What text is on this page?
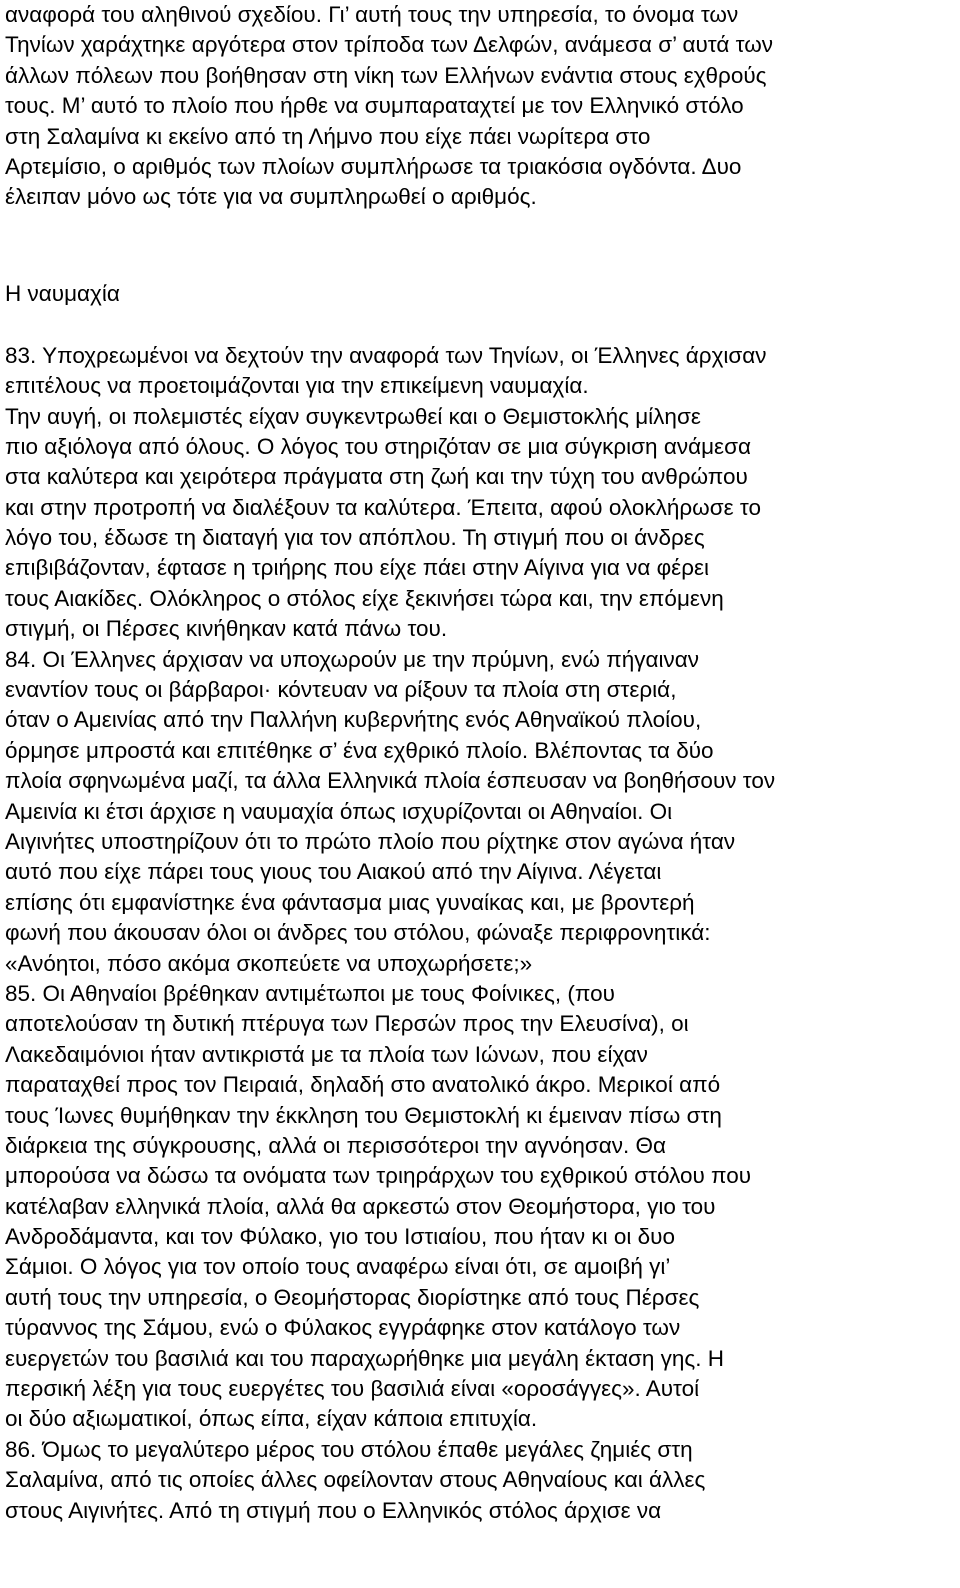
αναφορά του αληθινού σχεδίου. Γι’ αυτή τους την υπηρεσία, το όνομα των
Τηνίων χαράχτηκε αργότερα στον τρίποδα των Δελφών, ανάμεσα σ’ αυτά των
άλλων πόλεων που βοήθησαν στη νίκη των Ελλήνων ενάντια στους εχθρούς
τους. Μ’ αυτό το πλοίο που ήρθε να συμπαραταχτεί με τον Ελληνικό στόλο
στη Σαλαμίνα κι εκείνο από τη Λήμνο που είχε πάει νωρίτερα στο
Αρτεμίσιο, ο αριθμός των πλοίων συμπλήρωσε τα τριακόσια ογδόντα. Δυο
έλειπαν μόνο ως τότε για να συμπληρωθεί ο αριθμός.
Η ναυμαχία
83. Υποχρεωμένοι να δεχτούν την αναφορά των Τηνίων, οι Έλληνες άρχισαν
επιτέλους να προετοιμάζονται για την επικείμενη ναυμαχία.
Την αυγή, οι πολεμιστές είχαν συγκεντρωθεί και ο Θεμιστοκλής μίλησε
πιο αξιόλογα από όλους. Ο λόγος του στηριζόταν σε μια σύγκριση ανάμεσα
στα καλύτερα και χειρότερα πράγματα στη ζωή και την τύχη του ανθρώπου
και στην προτροπή να διαλέξουν τα καλύτερα. Έπειτα, αφού ολοκλήρωσε το
λόγο του, έδωσε τη διαταγή για τον απόπλου. Τη στιγμή που οι άνδρες
επιβιβάζονταν, έφτασε η τριήρης που είχε πάει στην Αίγινα για να φέρει
τους Αιακίδες. Ολόκληρος ο στόλος είχε ξεκινήσει τώρα και, την επόμενη
στιγμή, οι Πέρσες κινήθηκαν κατά πάνω του.
84. Οι Έλληνες άρχισαν να υποχωρούν με την πρύμνη, ενώ πήγαιναν
εναντίον τους οι βάρβαροι· κόντευαν να ρίξουν τα πλοία στη στεριά,
όταν ο Αμεινίας από την Παλλήνη κυβερνήτης ενός Αθηναϊκού πλοίου,
όρμησε μπροστά και επιτέθηκε σ’ ένα εχθρικό πλοίο. Βλέποντας τα δύο
πλοία σφηνωμένα μαζί, τα άλλα Ελληνικά πλοία έσπευσαν να βοηθήσουν τον
Αμεινία κι έτσι άρχισε η ναυμαχία όπως ισχυρίζονται οι Αθηναίοι. Οι
Αιγινήτες υποστηρίζουν ότι το πρώτο πλοίο που ρίχτηκε στον αγώνα ήταν
αυτό που είχε πάρει τους γιους του Αιακού από την Αίγινα. Λέγεται
επίσης ότι εμφανίστηκε ένα φάντασμα μιας γυναίκας και, με βροντερή
φωνή που άκουσαν όλοι οι άνδρες του στόλου, φώναξε περιφρονητικά:
«Ανόητοι, πόσο ακόμα σκοπεύετε να υποχωρήσετε;»
85. Οι Αθηναίοι βρέθηκαν αντιμέτωποι με τους Φοίνικες, (που
αποτελούσαν τη δυτική πτέρυγα των Περσών προς την Ελευσίνα), οι
Λακεδαιμόνιοι ήταν αντικριστά με τα πλοία των Ιώνων, που είχαν
παραταχθεί προς τον Πειραιά, δηλαδή στο ανατολικό άκρο. Μερικοί από
τους Ίωνες θυμήθηκαν την έκκληση του Θεμιστοκλή κι έμειναν πίσω στη
διάρκεια της σύγκρουσης, αλλά οι περισσότεροι την αγνόησαν. Θα
μπορούσα να δώσω τα ονόματα των τριηράρχων του εχθρικού στόλου που
κατέλαβαν ελληνικά πλοία, αλλά θα αρκεστώ στον Θεομήστορα, γιο του
Ανδροδάμαντα, και τον Φύλακο, γιο του Ιστιαίου, που ήταν κι οι δυο
Σάμιοι. Ο λόγος για τον οποίο τους αναφέρω είναι ότι, σε αμοιβή γι’
αυτή τους την υπηρεσία, ο Θεομήστορας διορίστηκε από τους Πέρσες
τύραννος της Σάμου, ενώ ο Φύλακος εγγράφηκε στον κατάλογο των
ευεργετών του βασιλιά και του παραχωρήθηκε μια μεγάλη έκταση γης. Η
περσική λέξη για τους ευεργέτες του βασιλιά είναι «οροσάγγες». Αυτοί
οι δύο αξιωματικοί, όπως είπα, είχαν κάποια επιτυχία.
86. Όμως το μεγαλύτερο μέρος του στόλου έπαθε μεγάλες ζημιές στη
Σαλαμίνα, από τις οποίες άλλες οφείλονταν στους Αθηναίους και άλλες
στους Αιγινήτες. Από τη στιγμή που ο Ελληνικός στόλος άρχισε να
